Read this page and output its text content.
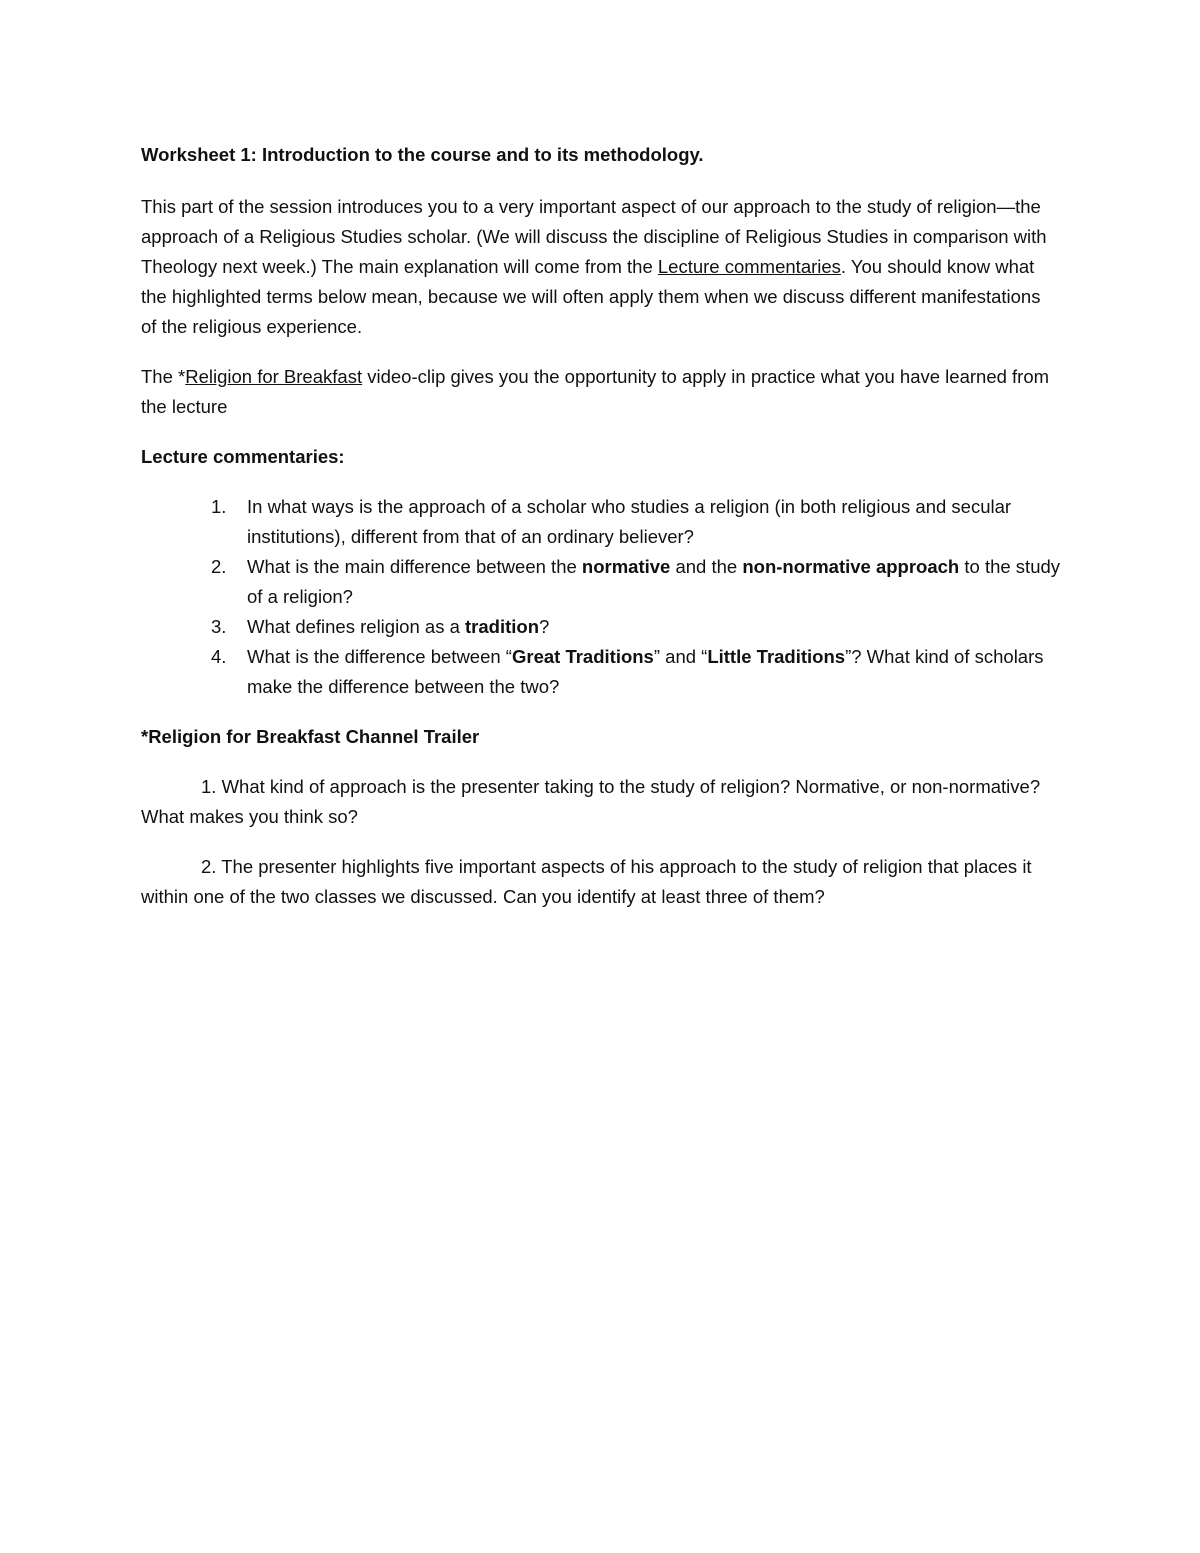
Worksheet 1: Introduction to the course and to its methodology.

This part of the session introduces you to a very important aspect of our approach to the study of religion—the approach of a Religious Studies scholar. (We will discuss the discipline of Religious Studies in comparison with Theology next week.) The main explanation will come from the Lecture commentaries. You should know what the highlighted terms below mean, because we will often apply them when we discuss different manifestations of the religious experience.

The *Religion for Breakfast video-clip gives you the opportunity to apply in practice what you have learned from the lecture

Lecture commentaries:
1. In what ways is the approach of a scholar who studies a religion (in both religious and secular institutions), different from that of an ordinary believer?
2. What is the main difference between the normative and the non-normative approach to the study of a religion?
3. What defines religion as a tradition?
4. What is the difference between “Great Traditions” and “Little Traditions”? What kind of scholars make the difference between the two?
*Religion for Breakfast Channel Trailer

1. What kind of approach is the presenter taking to the study of religion? Normative, or non-normative? What makes you think so?

2. The presenter highlights five important aspects of his approach to the study of religion that places it within one of the two classes we discussed. Can you identify at least three of them?
